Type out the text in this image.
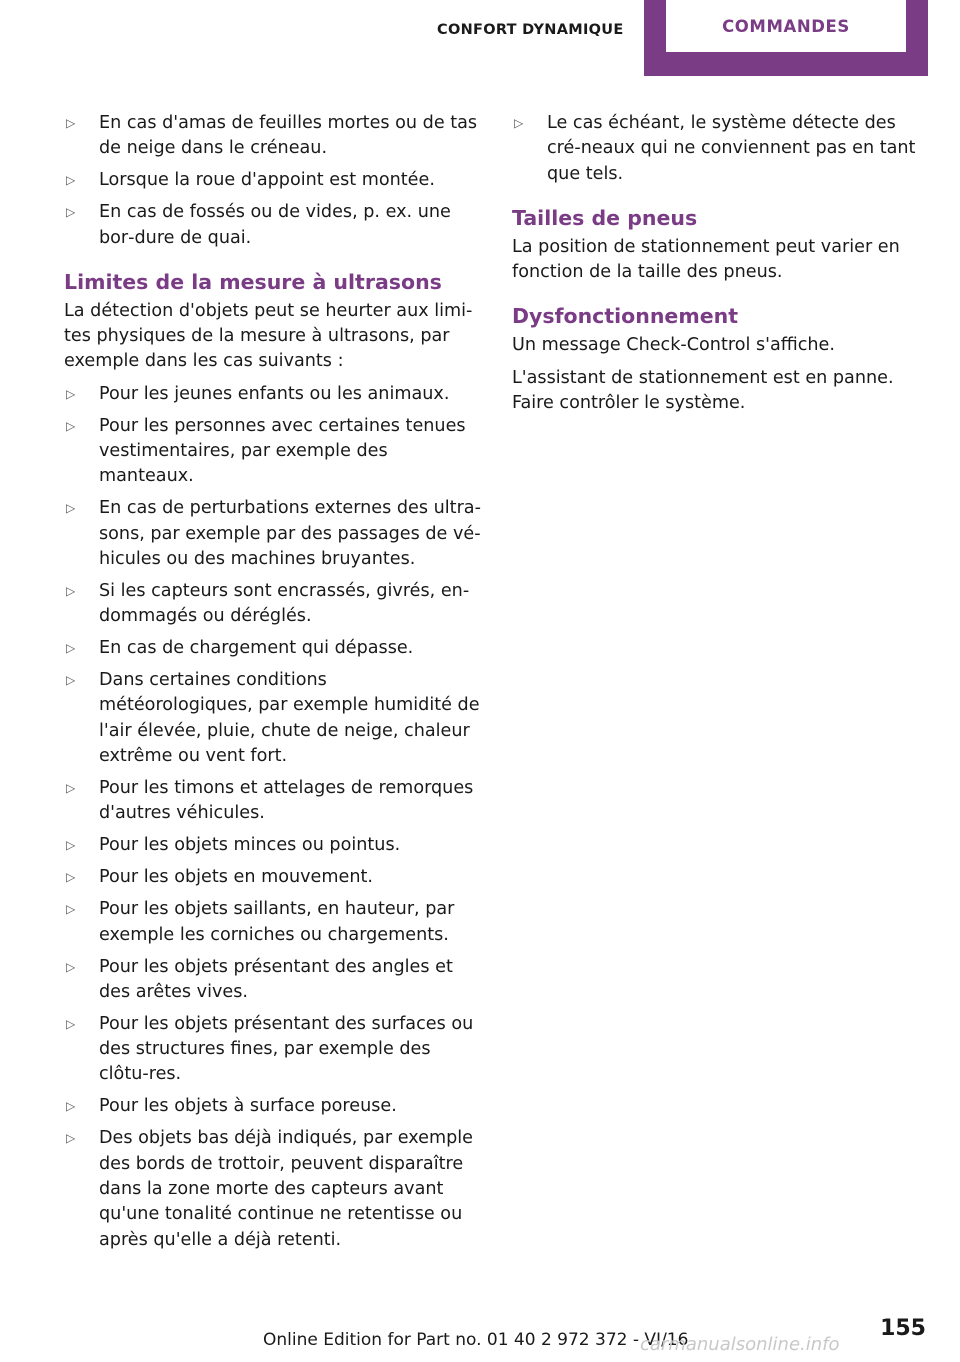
CONFORT DYNAMIQUE	COMMANDES
▷ En cas d'amas de feuilles mortes ou de tas de neige dans le créneau.
▷ Lorsque la roue d'appoint est montée.
▷ En cas de fossés ou de vides, p. ex. une bor‐dure de quai.
Limites de la mesure à ultrasons

La détection d'objets peut se heurter aux limi‐tes physiques de la mesure à ultrasons, par exemple dans les cas suivants :

▷ Pour les jeunes enfants ou les animaux.
▷ Pour les personnes avec certaines tenues vestimentaires, par exemple des manteaux.
▷ En cas de perturbations externes des ultra‐sons, par exemple par des passages de vé‐hicules ou des machines bruyantes.
▷ Si les capteurs sont encrassés, givrés, en‐dommagés ou déréglés.
▷ En cas de chargement qui dépasse.
▷ Dans certaines conditions météorologiques, par exemple humidité de l'air élevée, pluie, chute de neige, chaleur extrême ou vent fort.
▷ Pour les timons et attelages de remorques d'autres véhicules.
▷ Pour les objets minces ou pointus.
▷ Pour les objets en mouvement.
▷ Pour les objets saillants, en hauteur, par exemple les corniches ou chargements.
▷ Pour les objets présentant des angles et des arêtes vives.
▷ Pour les objets présentant des surfaces ou des structures fines, par exemple des clôtu‐res.
▷ Pour les objets à surface poreuse.
▷ Des objets bas déjà indiqués, par exemple des bords de trottoir, peuvent disparaître dans la zone morte des capteurs avant qu'une tonalité continue ne retentisse ou après qu'elle a déjà retenti.
▷ Le cas échéant, le système détecte des cré‐neaux qui ne conviennent pas en tant que tels.
Tailles de pneus

La position de stationnement peut varier en fonction de la taille des pneus.

Dysfonctionnement

Un message Check-Control s'affiche.

L'assistant de stationnement est en panne. Faire contrôler le système.

155
Online Edition for Part no. 01 40 2 972 372 - VI/16
carmanualsonline.info
